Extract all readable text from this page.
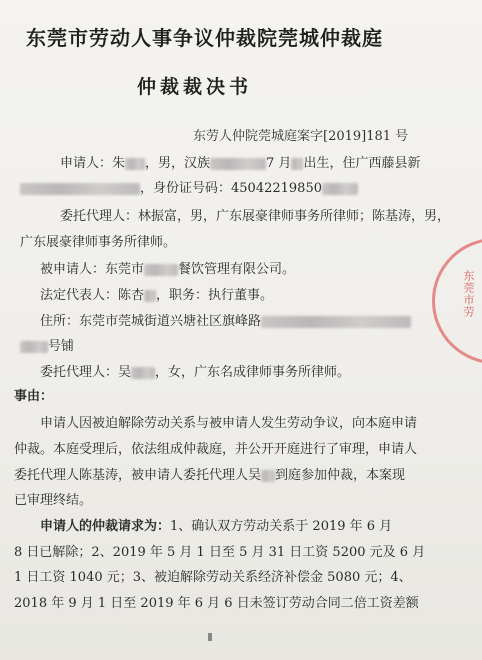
东莞市劳
东莞市劳动人事争议仲裁院莞城仲裁庭
仲裁裁决书
东劳人仲院莞城庭案字[2019]181 号
申请人：朱 ，男，汉族	7 月 出生，住广西藤县新
，身份证号码：45042219850
委托代理人：林振富，男，广东展豪律师事务所律师；陈基涛，男，
广东展豪律师事务所律师。
被申请人：东莞市	餐饮管理有限公司。
法定代表人：陈杏 ，职务：执行董事。
住所：东莞市莞城街道兴塘社区旗峰路
号铺
委托代理人：吴 ，女，广东名成律师事务所律师。
事由：
申请人因被迫解除劳动关系与被申请人发生劳动争议，向本庭申请
仲裁。本庭受理后，依法组成仲裁庭，并公开开庭进行了审理，申请人
委托代理人陈基涛，被申请人委托代理人吴 到庭参加仲裁，本案现
已审理终结。
申请人的仲裁请求为：1、确认双方劳动关系于 2019 年 6 月
8 日已解除；2、2019 年 5 月 1 日至 5 月 31 日工资 5200 元及 6 月
1 日工资 1040 元；3、被迫解除劳动关系经济补偿金 5080 元；4、
2018 年 9 月 1 日至 2019 年 6 月 6 日未签订劳动合同二倍工资差额
